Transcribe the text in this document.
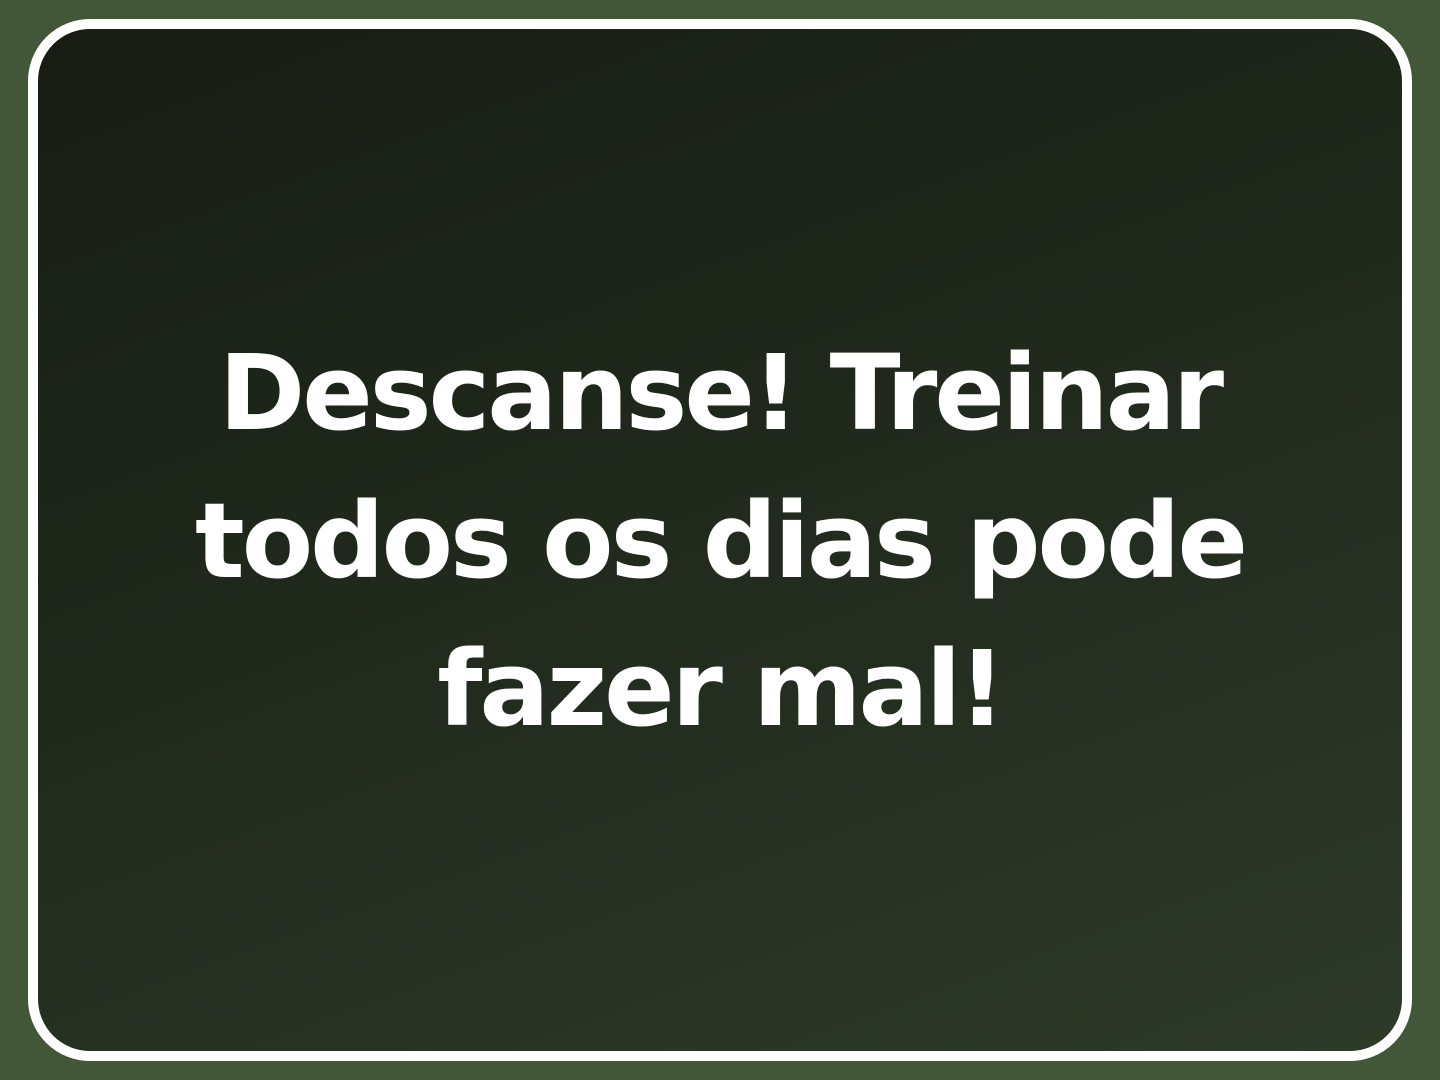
Descanse! Treinar todos os dias pode fazer mal!
